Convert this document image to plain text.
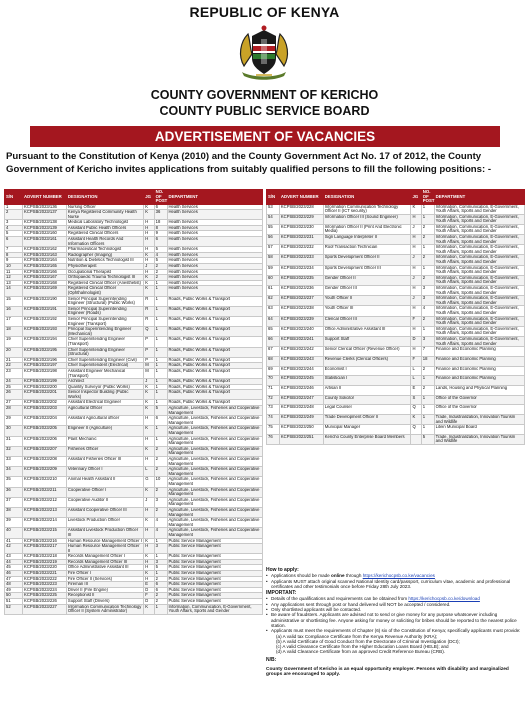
REPUBLIC OF KENYA
COUNTY GOVERNMENT OF KERICHO
COUNTY PUBLIC SERVICE BOARD
ADVERTISEMENT OF VACANCIES
Pursuant to the Constitution of Kenya (2010) and the County Government Act No. 17 of 2012, the County Government of Kericho invites applications from suitably qualified persons to fill the following positions: -
S/N	ADVERT NUMBER	DESIGNATION	JG	NO. OF POST	DEPARTMENT
1	KCPSB/2023/136	Nursing Officer	K	6	Health Services
2	KCPSB/2023/137	Kenya Registered Community Health Nurse	K	36	Health Services
3	KCPSB/2023/138	Medical Laboratory Technologist	H	18	Health Services
4	KCPSB/2023/139	Assistant Public Health Officers	H	8	Health Services
5	KCPSB/2023/160	Registered Clinical Officers	H	9	Health Services
6	KCPSB/2023/161	Assistant Health Records And Information Officers	H	6	Health Services
7	KCPSB/2023/162	Pharmaceutical Technologist	H	5	Health Services
8	KCPSB/2023/163	Radiographer (Imaging)	K	4	Health Services
9	KCPSB/2023/164	Nutrition & Dietetics Technologist III	H	5	Health Services
10	KCPSB/2023/165	Physiotherapist	J	2	Health Services
11	KCPSB/2023/166	Occupational Therapist	H	2	Health Services
12	KCPSB/2023/167	Orthopaedic Trauma Technologist III	K	2	Health Services
13	KCPSB/2023/168	Registered Clinical Officer (Anesthetist)	K	1	Health Services
14	KCPSB/2023/169	Registered Clinical Officer (Ophthalmologist)	K	1	Health Services
15	KCPSB/2023/190	Senior Principal Superintending Engineer (Structural) (Public Works)	R	1	Roads, Public Works & Transport
16	KCPSB/2023/191	Senior Principal Superintending Engineer (Roads)	R	1	Roads, Public Works & Transport
17	KCPSB/2023/192	Senior Principal Superintending Engineer (Transport)	R	1	Roads, Public Works & Transport
18	KCPSB/2023/193	Principal Superintending Engineer (Mechanical)	Q	1	Roads, Public Works & Transport
19	KCPSB/2023/194	Chief Superintending Engineer (Transport)	P	1	Roads, Public Works & Transport
20	KCPSB/2023/195	Chief Superintending Engineer (Structural)	P	1	Roads, Public Works & Transport
21	KCPSB/2023/196	Chief Superintending Engineer (Civil)	P	1	Roads, Public Works & Transport
22	KCPSB/2023/197	Chief Superintendent (Electrical)	M	1	Roads, Public Works & Transport
23	KCPSB/2023/198	Assistant Engineer Mechanical (Transport)	M	1	Roads, Public Works & Transport
24	KCPSB/2023/199	Architect	J	1	Roads, Public Works & Transport
25	KCPSB/2023/200	Quantity Surveyor (Public Works)	K	1	Roads, Public Works & Transport
26	KCPSB/2023/201	Senior Inspector Building (Public Works)	K	1	Roads, Public Works & Transport
27	KCPSB/2023/202	Assistant Electrical Engineer	K	1	Roads, Public Works & Transport
28	KCPSB/2023/203	Agricultural Officer	K	5	Agriculture, Livestock, Fisheries and Cooperative Management
29	KCPSB/2023/204	Assistant Agricultural officer	H	6	Agriculture, Livestock, Fisheries and Cooperative Management
30	KCPSB/2023/205	Engineer II (Agriculture)	K	1	Agriculture, Livestock, Fisheries and Cooperative Management
31	KCPSB/2023/206	Plant Mechanic	H	1	Agriculture, Livestock, Fisheries and Cooperative Management
32	KCPSB/2023/207	Fisheries Officer	K	2	Agriculture, Livestock, Fisheries and Cooperative Management
33	KCPSB/2023/208	Assistant Fisheries Officer III	H	2	Agriculture, Livestock, Fisheries and Cooperative Management
34	KCPSB/2023/209	Veterinary Officer I	L	2	Agriculture, Livestock, Fisheries and Cooperative Management
35	KCPSB/2023/210	Animal Health Assistant II	G	10	Agriculture, Livestock, Fisheries and Cooperative Management
36	KCPSB/2023/211	Cooperative Officer I	K	2	Agriculture, Livestock, Fisheries and Cooperative Management
37	KCPSB/2023/212	Cooperative Auditor II	J	3	Agriculture, Livestock, Fisheries and Cooperative Management
38	KCPSB/2023/213	Assistant Cooperative Officer III	H	2	Agriculture, Livestock, Fisheries and Cooperative Management
39	KCPSB/2023/214	Livestock Production Officer	K	4	Agriculture, Livestock, Fisheries and Cooperative Management
40	KCPSB/2023/215	Assistant Livestock Production Officer III	H	4	Agriculture, Livestock, Fisheries and Cooperative Management
41	KCPSB/2023/216	Human Resource Management Officer I	K	1	Public Service Management
42	KCPSB/2023/217	Human Resource Management Officer II	H	3	Public Service Management
43	KCPSB/2023/218	Records Management Officer I	K	1	Public Service Management
44	KCPSB/2023/219	Records Management Officer III	H	3	Public Service Management
45	KCPSB/2023/220	Office Administrative Assistant III	H	5	Public Service Management
46	KCPSB/2023/221	Fire Officer I	K	1	Public Service Management
47	KCPSB/2023/222	Fire Officer II (Services)	H	2	Public Service Management
48	KCPSB/2023/223	Fireman III	E	6	Public Service Management
49	KCPSB/2023/224	Driver II (Fire Engine)	D	6	Public Service Management
50	KCPSB/2023/225	Receptionist II	F	2	Public Service Management
51	KCPSB/2023/226	Support Staff (Drivers)	D	2	Public Service Management
52	KCPSB/2023/227	Information Communication Technology Officer II (System Administrator)	K	1	Information, Communication, E-Government, Youth Affairs, Sports and Gender
S/N	ADVERT NUMBER	DESIGNATION	JG	NO. OF POST	DEPARTMENT
53	KCPSB/2023/228	Information Communication Technology Officer II (ICT security)	K	1	Information, Communication, E-Government, Youth Affairs, Sports and Gender
54	KCPSB/2023/229	Information Officer III (Sound Engineer)	H	1	Information, Communication, E-Government, Youth Affairs, Sports and Gender
55	KCPSB/2023/230	Information Officer II (Print And Electronic Media)	J	2	Information, Communication, E-Government, Youth Affairs, Sports and Gender
56	KCPSB/2023/231	Sign Language Interpreter II	H	2	Information, Communication, E-Government, Youth Affairs, Sports and Gender
57	KCPSB/2023/232	Roof Transaction Technician	H	1	Information, Communication, E-Government, Youth Affairs, Sports and Gender
58	KCPSB/2023/233	Sports Development Officer II	J	2	Information, Communication, E-Government, Youth Affairs, Sports and Gender
59	KCPSB/2023/234	Sports Development Officer III	H	1	Information, Communication, E-Government, Youth Affairs, Sports and Gender
60	KCPSB/2023/235	Gender Officer II	J	2	Information, Communication, E-Government, Youth Affairs, Sports and Gender
61	KCPSB/2023/236	Gender Officer III	H	3	Information, Communication, E-Government, Youth Affairs, Sports and Gender
62	KCPSB/2023/237	Youth Officer II	J	3	Information, Communication, E-Government, Youth Affairs, Sports and Gender
63	KCPSB/2023/238	Youth Officer III	H	4	Information, Communication, E-Government, Youth Affairs, Sports and Gender
64	KCPSB/2023/239	Clerical Officer III	F	2	Information, Communication, E-Government, Youth Affairs, Sports and Gender
65	KCPSB/2023/240	Office Administrative Assistant III	H	1	Information, Communication, E-Government, Youth Affairs, Sports and Gender
66	KCPSB/2023/241	Support Staff	D	3	Information, Communication, E-Government, Youth Affairs, Sports and Gender
67	KCPSB/2023/242	Senior Clerical Officer (Revenue Officer)	H	7	Finance and Economic Planning
68	KCPSB/2023/243	Revenue Clerks (Clerical Officers)	F	18	Finance and Economic Planning
69	KCPSB/2023/244	Economist I	L	2	Finance and Economic Planning
70	KCPSB/2023/245	Statistician I	L	1	Finance and Economic Planning
71	KCPSB/2023/246	Artisan II	E	2	Lands, Housing and Physical Planning
72	KCPSB/2023/247	County Solicitor	S	1	Office of the Governor
73	KCPSB/2023/248	Legal Counsel	Q	1	Office of the Governor
74	KCPSB/2023/249	Trade Development Officer II	K	1	Trade, Industrialization, Innovation Tourism and Wildlife
75	KCPSB/2023/250	Municipal Manager	Q	1	Litein Municipal Board
76	KCPSB/2023/251	Kericho County Enterprise Board Members		5	Trade, Industrialization, Innovation Tourism and Wildlife
How to apply:
• Applications should be made online through https://kerichocpsb.co.ke/vacancies
• Applicants MUST attach original scanned National Identity card/passport, curriculum vitae, academic and professional certificates and other testimonials once before Friday 28th July 2023.
IMPORTANT:
• Details of the qualifications and requirements can be obtained from https://kerichocpsb.co.ke/download
• Any applications sent through post or hand delivered will NOT be accepted / considered.
• Only shortlisted applicants will be contacted.
• Be aware of fraudsters. Applicants are advised not to send or give money for any purpose whatsoever including administrative or shortlisting fee. Anyone asking for money or soliciting for bribes should be reported to the nearest police station.
• Applicants must meet the requirements of Chapter (6) six of the Constitution of Kenya; specifically applicants must provide:
(a) A valid tax Compliance Certificate from the Kenya Revenue Authority (KRA);
(b) A valid Certificate of Good Conduct from the Directorate of Criminal Investigation (DCI);
(c) A valid Clearance Certificate from the Higher Education Loans Board (HELB); and
(d) A valid Clearance Certificate from an approved Credit Reference Bureau (CRB).
N/B:
County Government of Kericho is an equal opportunity employer. Persons with disability and marginalized groups are encouraged to apply.
